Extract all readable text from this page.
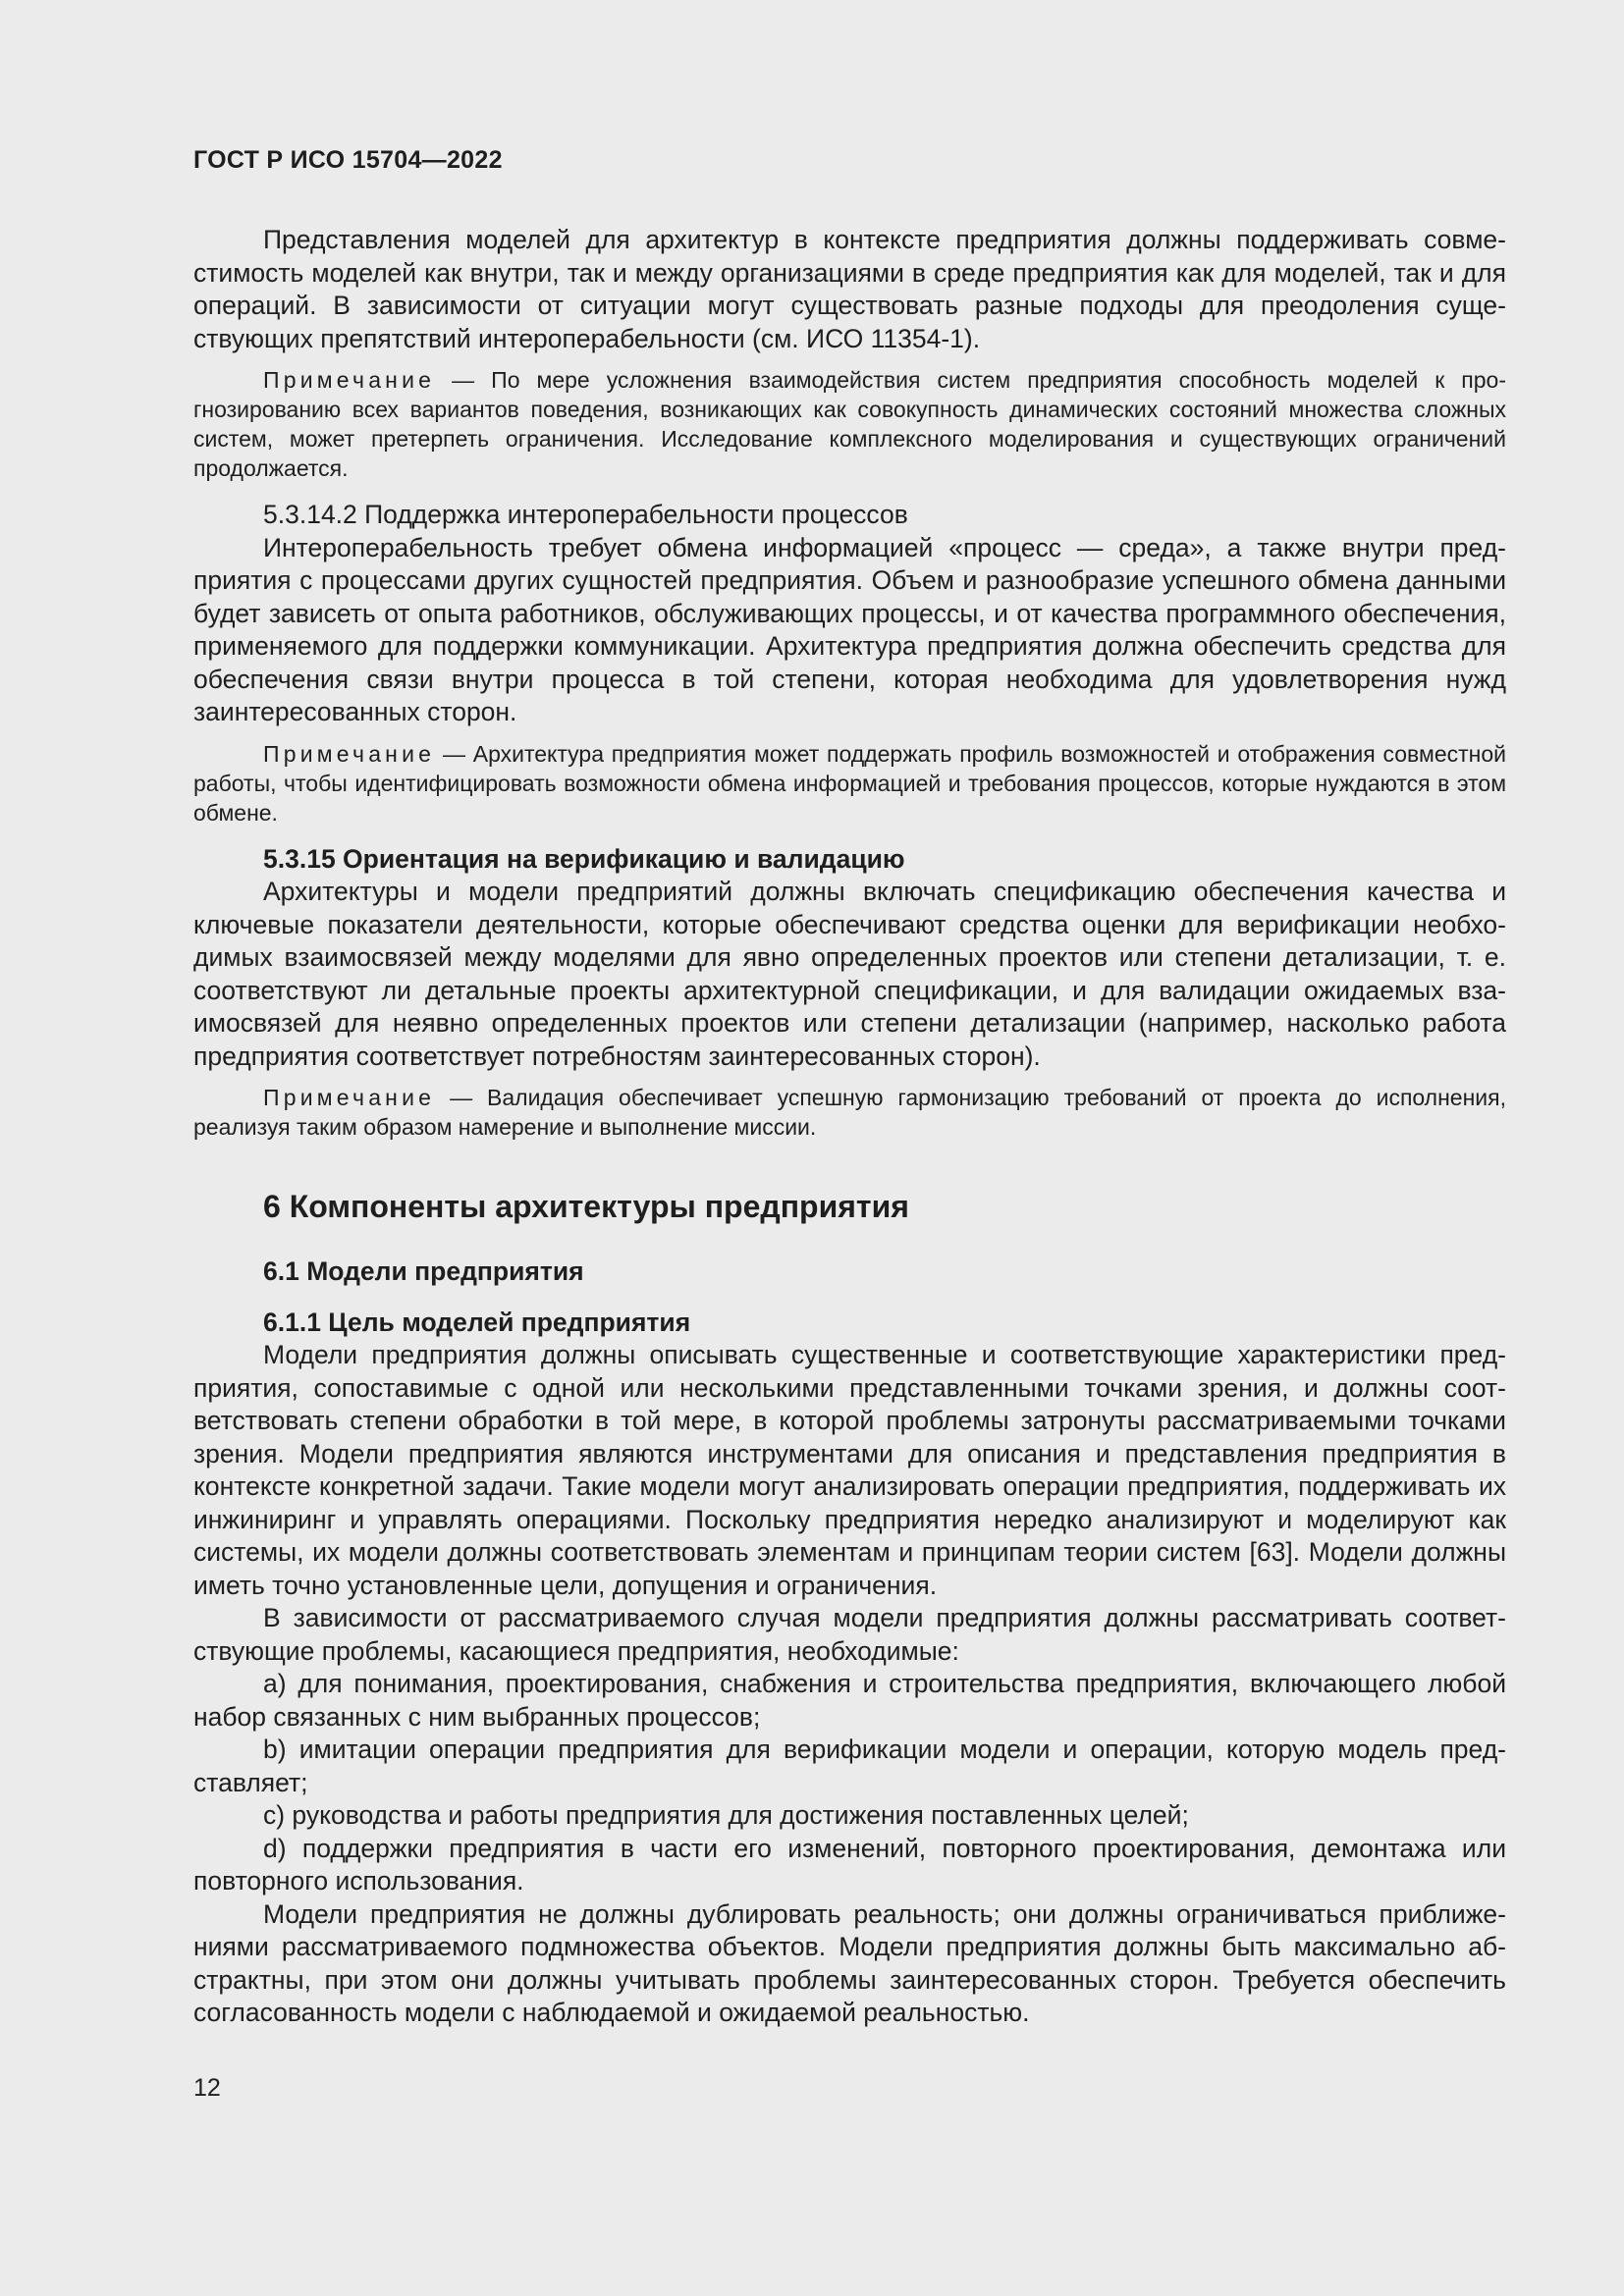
ГОСТ Р ИСО 15704—2022

Представления моделей для архитектур в контексте предприятия должны поддерживать совместимость моделей как внутри, так и между организациями в среде предприятия как для моделей, так и для операций. В зависимости от ситуации могут существовать разные подходы для преодоления существующих препятствий интероперабельности (см. ИСО 11354-1).

Примечание — По мере усложнения взаимодействия систем предприятия способность моделей к прогнозированию всех вариантов поведения, возникающих как совокупность динамических состояний множества сложных систем, может претерпеть ограничения. Исследование комплексного моделирования и существующих ограничений продолжается.

5.3.14.2 Поддержка интероперабельности процессов

Интероперабельность требует обмена информацией «процесс — среда», а также внутри предприятия с процессами других сущностей предприятия. Объем и разнообразие успешного обмена данными будет зависеть от опыта работников, обслуживающих процессы, и от качества программного обеспечения, применяемого для поддержки коммуникации. Архитектура предприятия должна обеспечить средства для обеспечения связи внутри процесса в той степени, которая необходима для удовлетворения нужд заинтересованных сторон.

Примечание — Архитектура предприятия может поддержать профиль возможностей и отображения совместной работы, чтобы идентифицировать возможности обмена информацией и требования процессов, которые нуждаются в этом обмене.

5.3.15 Ориентация на верификацию и валидацию

Архитектуры и модели предприятий должны включать спецификацию обеспечения качества и ключевые показатели деятельности, которые обеспечивают средства оценки для верификации необходимых взаимосвязей между моделями для явно определенных проектов или степени детализации, т. е. соответствуют ли детальные проекты архитектурной спецификации, и для валидации ожидаемых взаимосвязей для неявно определенных проектов или степени детализации (например, насколько работа предприятия соответствует потребностям заинтересованных сторон).

Примечание — Валидация обеспечивает успешную гармонизацию требований от проекта до исполнения, реализуя таким образом намерение и выполнение миссии.

6 Компоненты архитектуры предприятия
6.1 Модели предприятия
6.1.1 Цель моделей предприятия

Модели предприятия должны описывать существенные и соответствующие характеристики предприятия, сопоставимые с одной или несколькими представленными точками зрения, и должны соответствовать степени обработки в той мере, в которой проблемы затронуты рассматриваемыми точками зрения. Модели предприятия являются инструментами для описания и представления предприятия в контексте конкретной задачи. Такие модели могут анализировать операции предприятия, поддерживать их инжиниринг и управлять операциями. Поскольку предприятия нередко анализируют и моделируют как системы, их модели должны соответствовать элементам и принципам теории систем [63]. Модели должны иметь точно установленные цели, допущения и ограничения.

В зависимости от рассматриваемого случая модели предприятия должны рассматривать соответствующие проблемы, касающиеся предприятия, необходимые:

а) для понимания, проектирования, снабжения и строительства предприятия, включающего любой набор связанных с ним выбранных процессов;

b) имитации операции предприятия для верификации модели и операции, которую модель представляет;

c) руководства и работы предприятия для достижения поставленных целей;

d) поддержки предприятия в части его изменений, повторного проектирования, демонтажа или повторного использования.

Модели предприятия не должны дублировать реальность; они должны ограничиваться приближениями рассматриваемого подмножества объектов. Модели предприятия должны быть максимально абстрактны, при этом они должны учитывать проблемы заинтересованных сторон. Требуется обеспечить согласованность модели с наблюдаемой и ожидаемой реальностью.

12
